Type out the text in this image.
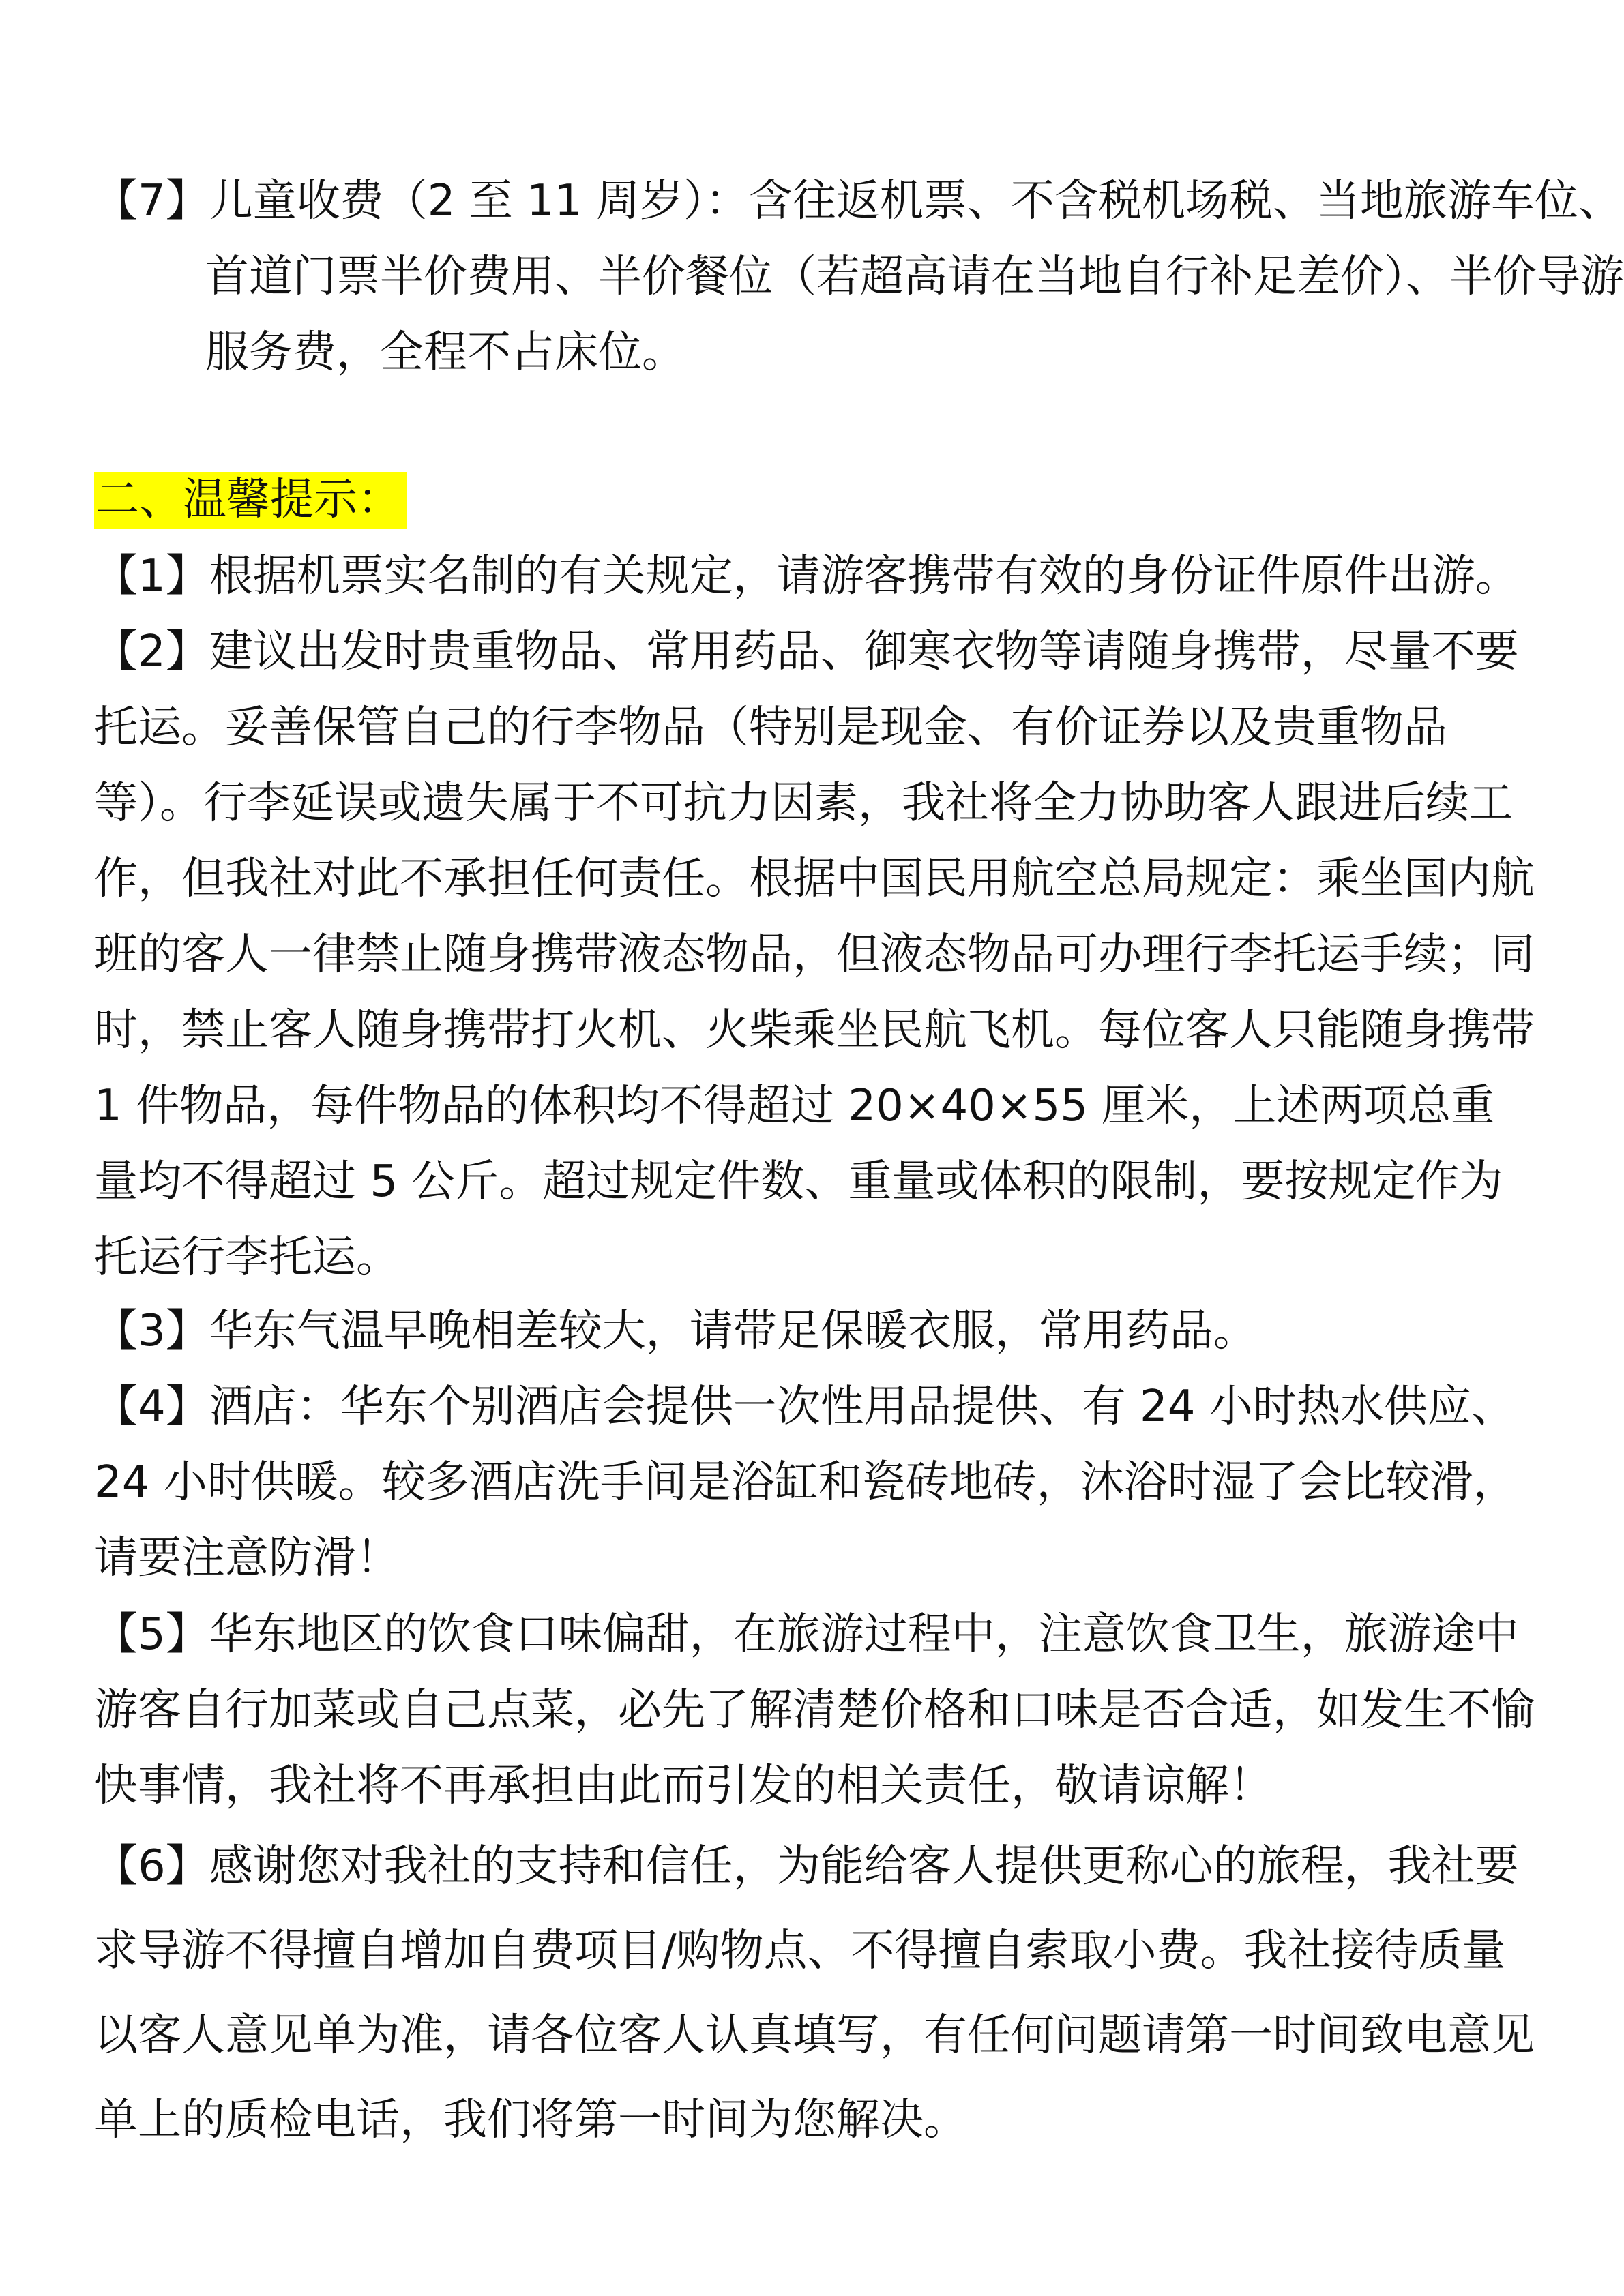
【7】儿童收费（2 至 11 周岁）：含往返机票、不含税机场税、当地旅游车位、首道门票半价费用、半价餐位（若超高请在当地自行补足差价）、半价导游服务费，全程不占床位。

二、温馨提示：

【1】根据机票实名制的有关规定，请游客携带有效的身份证件原件出游。

【2】建议出发时贵重物品、常用药品、御寒衣物等请随身携带，尽量不要托运。妥善保管自己的行李物品（特别是现金、有价证券以及贵重物品等）。行李延误或遗失属于不可抗力因素，我社将全力协助客人跟进后续工作，但我社对此不承担任何责任。根据中国民用航空总局规定：乘坐国内航班的客人一律禁止随身携带液态物品，但液态物品可办理行李托运手续；同时，禁止客人随身携带打火机、火柴乘坐民航飞机。每位客人只能随身携带 1 件物品，每件物品的体积均不得超过 20×40×55 厘米，上述两项总重量均不得超过 5 公斤。超过规定件数、重量或体积的限制，要按规定作为托运行李托运。

【3】华东气温早晚相差较大，请带足保暖衣服，常用药品。

【4】酒店：华东个别酒店会提供一次性用品提供、有 24 小时热水供应、24 小时供暖。较多酒店洗手间是浴缸和瓷砖地砖，沐浴时湿了会比较滑，请要注意防滑！

【5】华东地区的饮食口味偏甜，在旅游过程中，注意饮食卫生，旅游途中游客自行加菜或自己点菜，必先了解清楚价格和口味是否合适，如发生不愉快事情，我社将不再承担由此而引发的相关责任，敬请谅解！

【6】感谢您对我社的支持和信任，为能给客人提供更称心的旅程，我社要求导游不得擅自增加自费项目/购物点、不得擅自索取小费。我社接待质量以客人意见单为准，请各位客人认真填写，有任何问题请第一时间致电意见单上的质检电话，我们将第一时间为您解决。
